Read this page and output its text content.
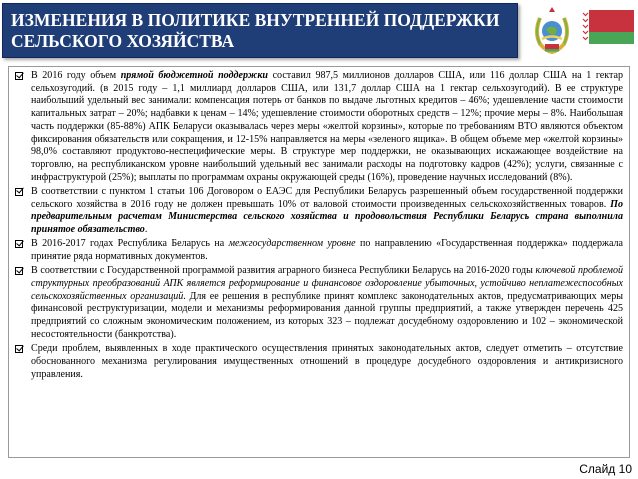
ИЗМЕНЕНИЯ В ПОЛИТИКЕ ВНУТРЕННЕЙ ПОДДЕРЖКИ
СЕЛЬСКОГО ХОЗЯЙСТВА
В 2016 году объем прямой бюджетной поддержки составил 987,5 миллионов долларов США, или 116 доллар США на 1 гектар сельхозугодий. (в 2015 году – 1,1 миллиард долларов США, или 131,7 доллар США на 1 гектар сельхозугодий). В ее структуре наибольший удельный вес занимали: компенсация потерь от банков по выдаче льготных кредитов – 46%; удешевление части стоимости капитальных затрат – 20%; надбавки к ценам – 14%; удешевление стоимости оборотных средств – 12%; прочие меры – 8%. Наибольшая часть поддержки (85-88%) АПК Беларуси оказывалась через меры «желтой корзины», которые по требованиям ВТО являются объектом фиксирования обязательств или сокращения, и 12-15% направляется на меры «зеленого ящика». В общем объеме мер «желтой корзины» 98,0% составляют продуктово-неспецифические меры. В структуре мер поддержки, не оказывающих искажающее воздействие на торговлю, на республиканском уровне наибольший удельный вес занимали расходы на подготовку кадров (42%); услуги, связанные с инфраструктурой (25%); выплаты по программам охраны окружающей среды (16%), проведение научных исследований (8%).
В соответствии с пунктом 1 статьи 106 Договором о ЕАЭС для Республики Беларусь разрешенный объем государственной поддержки сельского хозяйства в 2016 году не должен превышать 10% от валовой стоимости произведенных сельскохозяйственных товаров. По предварительным расчетам Министерства сельского хозяйства и продовольствия Республики Беларусь страна выполнила принятое обязательство.
В 2016-2017 годах Республика Беларусь на межгосударственном уровне по направлению «Государственная поддержка» поддержала принятие ряда нормативных документов.
В соответствии с Государственной программой развития аграрного бизнеса Республики Беларусь на 2016-2020 годы ключевой проблемой структурных преобразований АПК является реформирование и финансовое оздоровление убыточных, устойчиво неплатежеспособных сельскохозяйственных организаций. Для ее решения в республике принят комплекс законодательных актов, предусматривающих меры финансовой реструктуризации, модели и механизмы реформирования данной группы предприятий, а также утвержден перечень 425 предприятий со сложным экономическим положением, из которых 323 – подлежат досудебному оздоровлению и 102 – экономической несостоятельности (банкротства).
Среди проблем, выявленных в ходе практического осуществления принятых законодательных актов, следует отметить – отсутствие обоснованного механизма регулирования имущественных отношений в процедуре досудебного оздоровления и антикризисного управления.
Слайд 10
